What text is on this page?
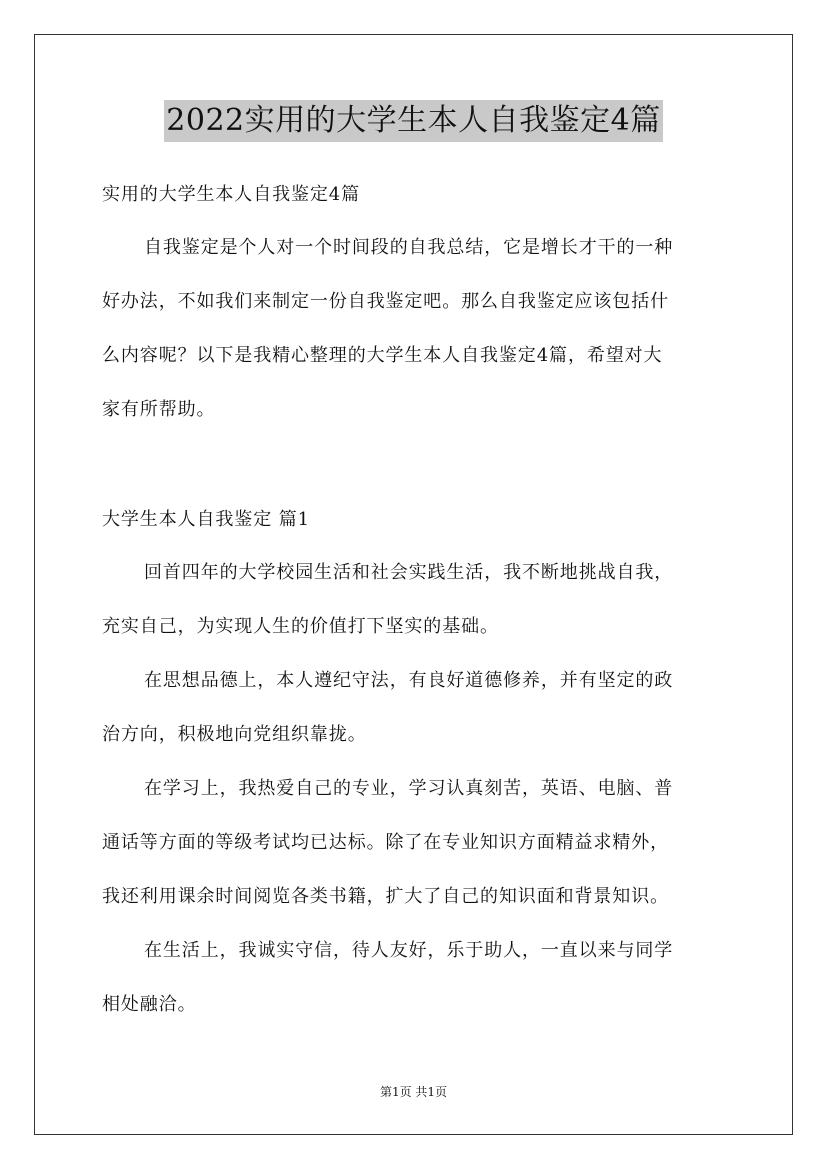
2022实用的大学生本人自我鉴定4篇
实用的大学生本人自我鉴定4篇
自我鉴定是个人对一个时间段的自我总结，它是增长才干的一种
好办法，不如我们来制定一份自我鉴定吧。那么自我鉴定应该包括什
么内容呢？以下是我精心整理的大学生本人自我鉴定4篇，希望对大
家有所帮助。
大学生本人自我鉴定 篇1
回首四年的大学校园生活和社会实践生活，我不断地挑战自我，
充实自己，为实现人生的价值打下坚实的基础。
在思想品德上，本人遵纪守法，有良好道德修养，并有坚定的政
治方向，积极地向党组织靠拢。
在学习上，我热爱自己的专业，学习认真刻苦，英语、电脑、普
通话等方面的等级考试均已达标。除了在专业知识方面精益求精外，
我还利用课余时间阅览各类书籍，扩大了自己的知识面和背景知识。
在生活上，我诚实守信，待人友好，乐于助人，一直以来与同学
相处融洽。
第1页 共1页
